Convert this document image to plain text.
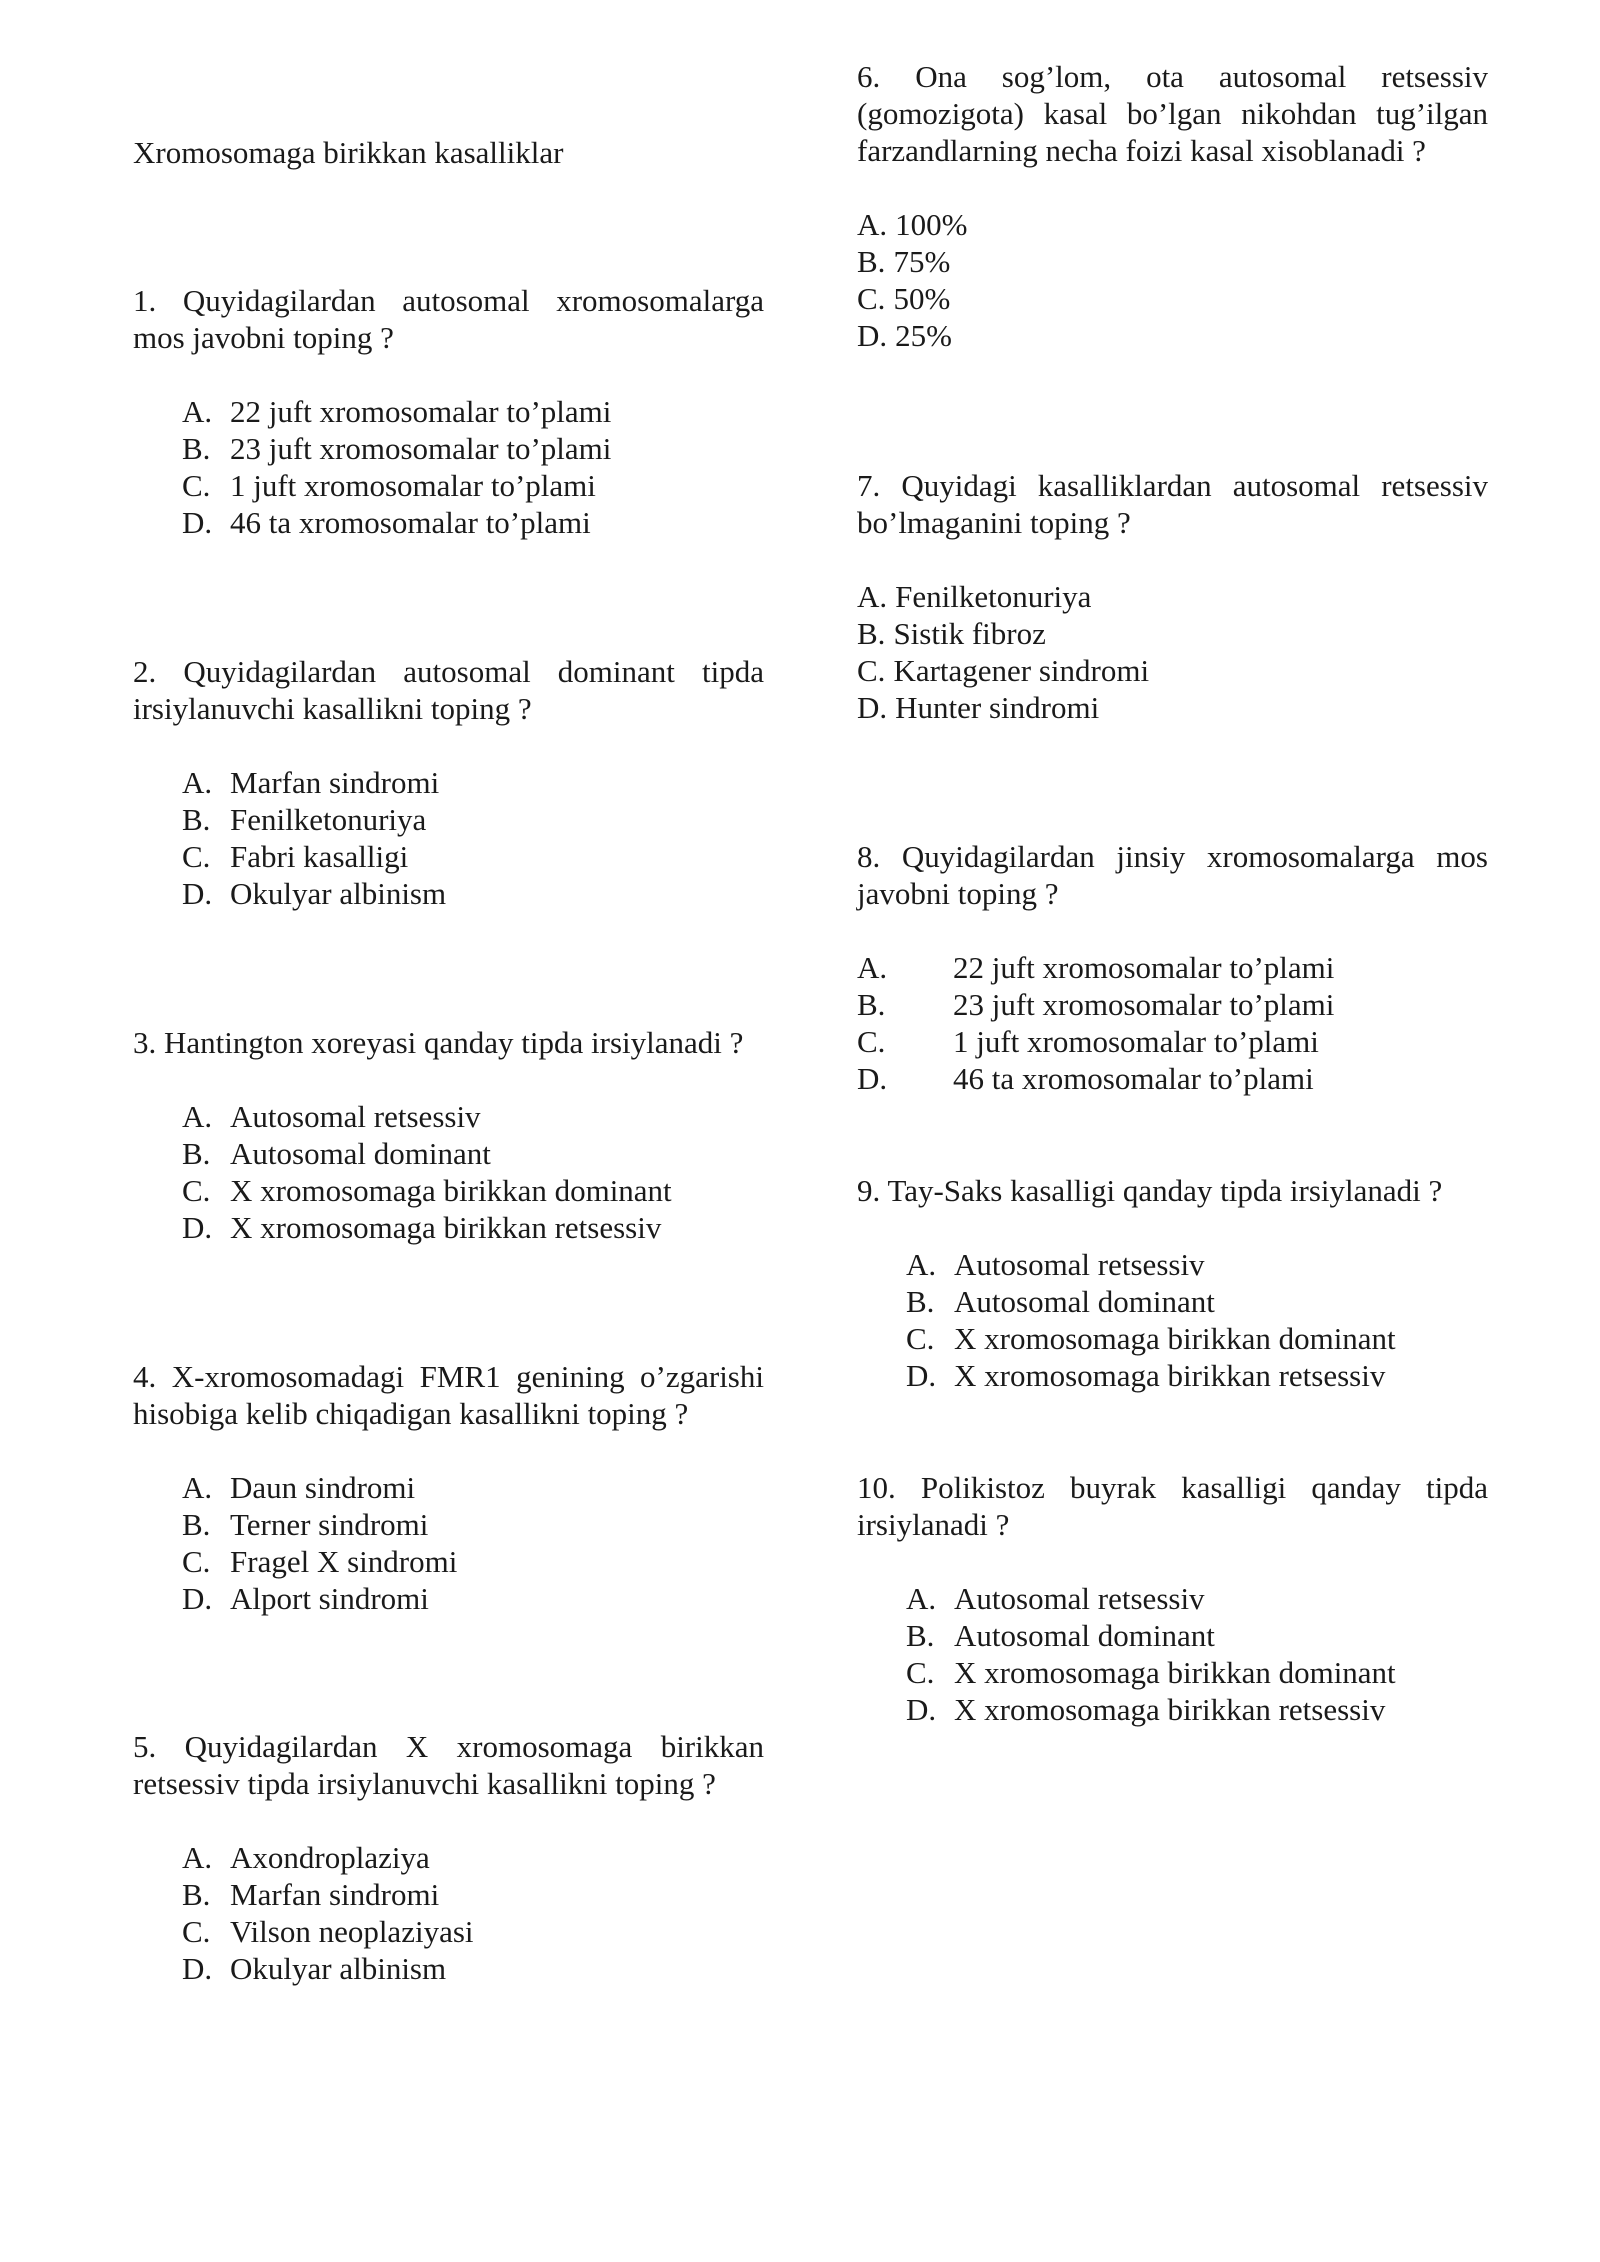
Xromosomaga birikkan kasalliklar

1. Quyidagilardan autosomal xromosomalarga mos javobni toping ?

A. 22 juft xromosomalar to’plami
B. 23 juft xromosomalar to’plami
C. 1 juft xromosomalar to’plami
D. 46 ta xromosomalar to’plami

2. Quyidagilardan autosomal dominant tipda irsiylanuvchi kasallikni toping ?

A. Marfan sindromi
B. Fenilketonuriya
C. Fabri kasalligi
D. Okulyar albinism

3. Hantington xoreyasi qanday tipda irsiylanadi ?

A. Autosomal retsessiv
B. Autosomal dominant
C. X xromosomaga birikkan dominant
D. X xromosomaga birikkan retsessiv

4. X-xromosomadagi FMR1 genining o’zgarishi hisobiga kelib chiqadigan kasallikni toping ?

A. Daun sindromi
B. Terner sindromi
C. Fragel X sindromi
D. Alport sindromi

5. Quyidagilardan X xromosomaga birikkan retsessiv tipda irsiylanuvchi kasallikni toping ?

A. Axondroplaziya
B. Marfan sindromi
C. Vilson neoplaziyasi
D. Okulyar albinism

6. Ona sog’lom, ota autosomal retsessiv (gomozigota) kasal bo’lgan nikohdan tug’ilgan farzandlarning necha foizi kasal xisoblanadi ?

A. 100%
B. 75%
C. 50%
D. 25%

7. Quyidagi kasalliklardan autosomal retsessiv bo’lmaganini toping ?

A. Fenilketonuriya
B. Sistik fibroz
C. Kartagener sindromi
D. Hunter sindromi

8. Quyidagilardan jinsiy xromosomalarga mos javobni toping ?

A.	22 juft xromosomalar to’plami
B.	23 juft xromosomalar to’plami
C.	1 juft xromosomalar to’plami
D.	46 ta xromosomalar to’plami

9. Tay-Saks kasalligi qanday tipda irsiylanadi ?

A. Autosomal retsessiv
B. Autosomal dominant
C. X xromosomaga birikkan dominant
D. X xromosomaga birikkan retsessiv

10. Polikistoz buyrak kasalligi qanday tipda irsiylanadi ?

A. Autosomal retsessiv
B. Autosomal dominant
C. X xromosomaga birikkan dominant
D. X xromosomaga birikkan retsessiv
